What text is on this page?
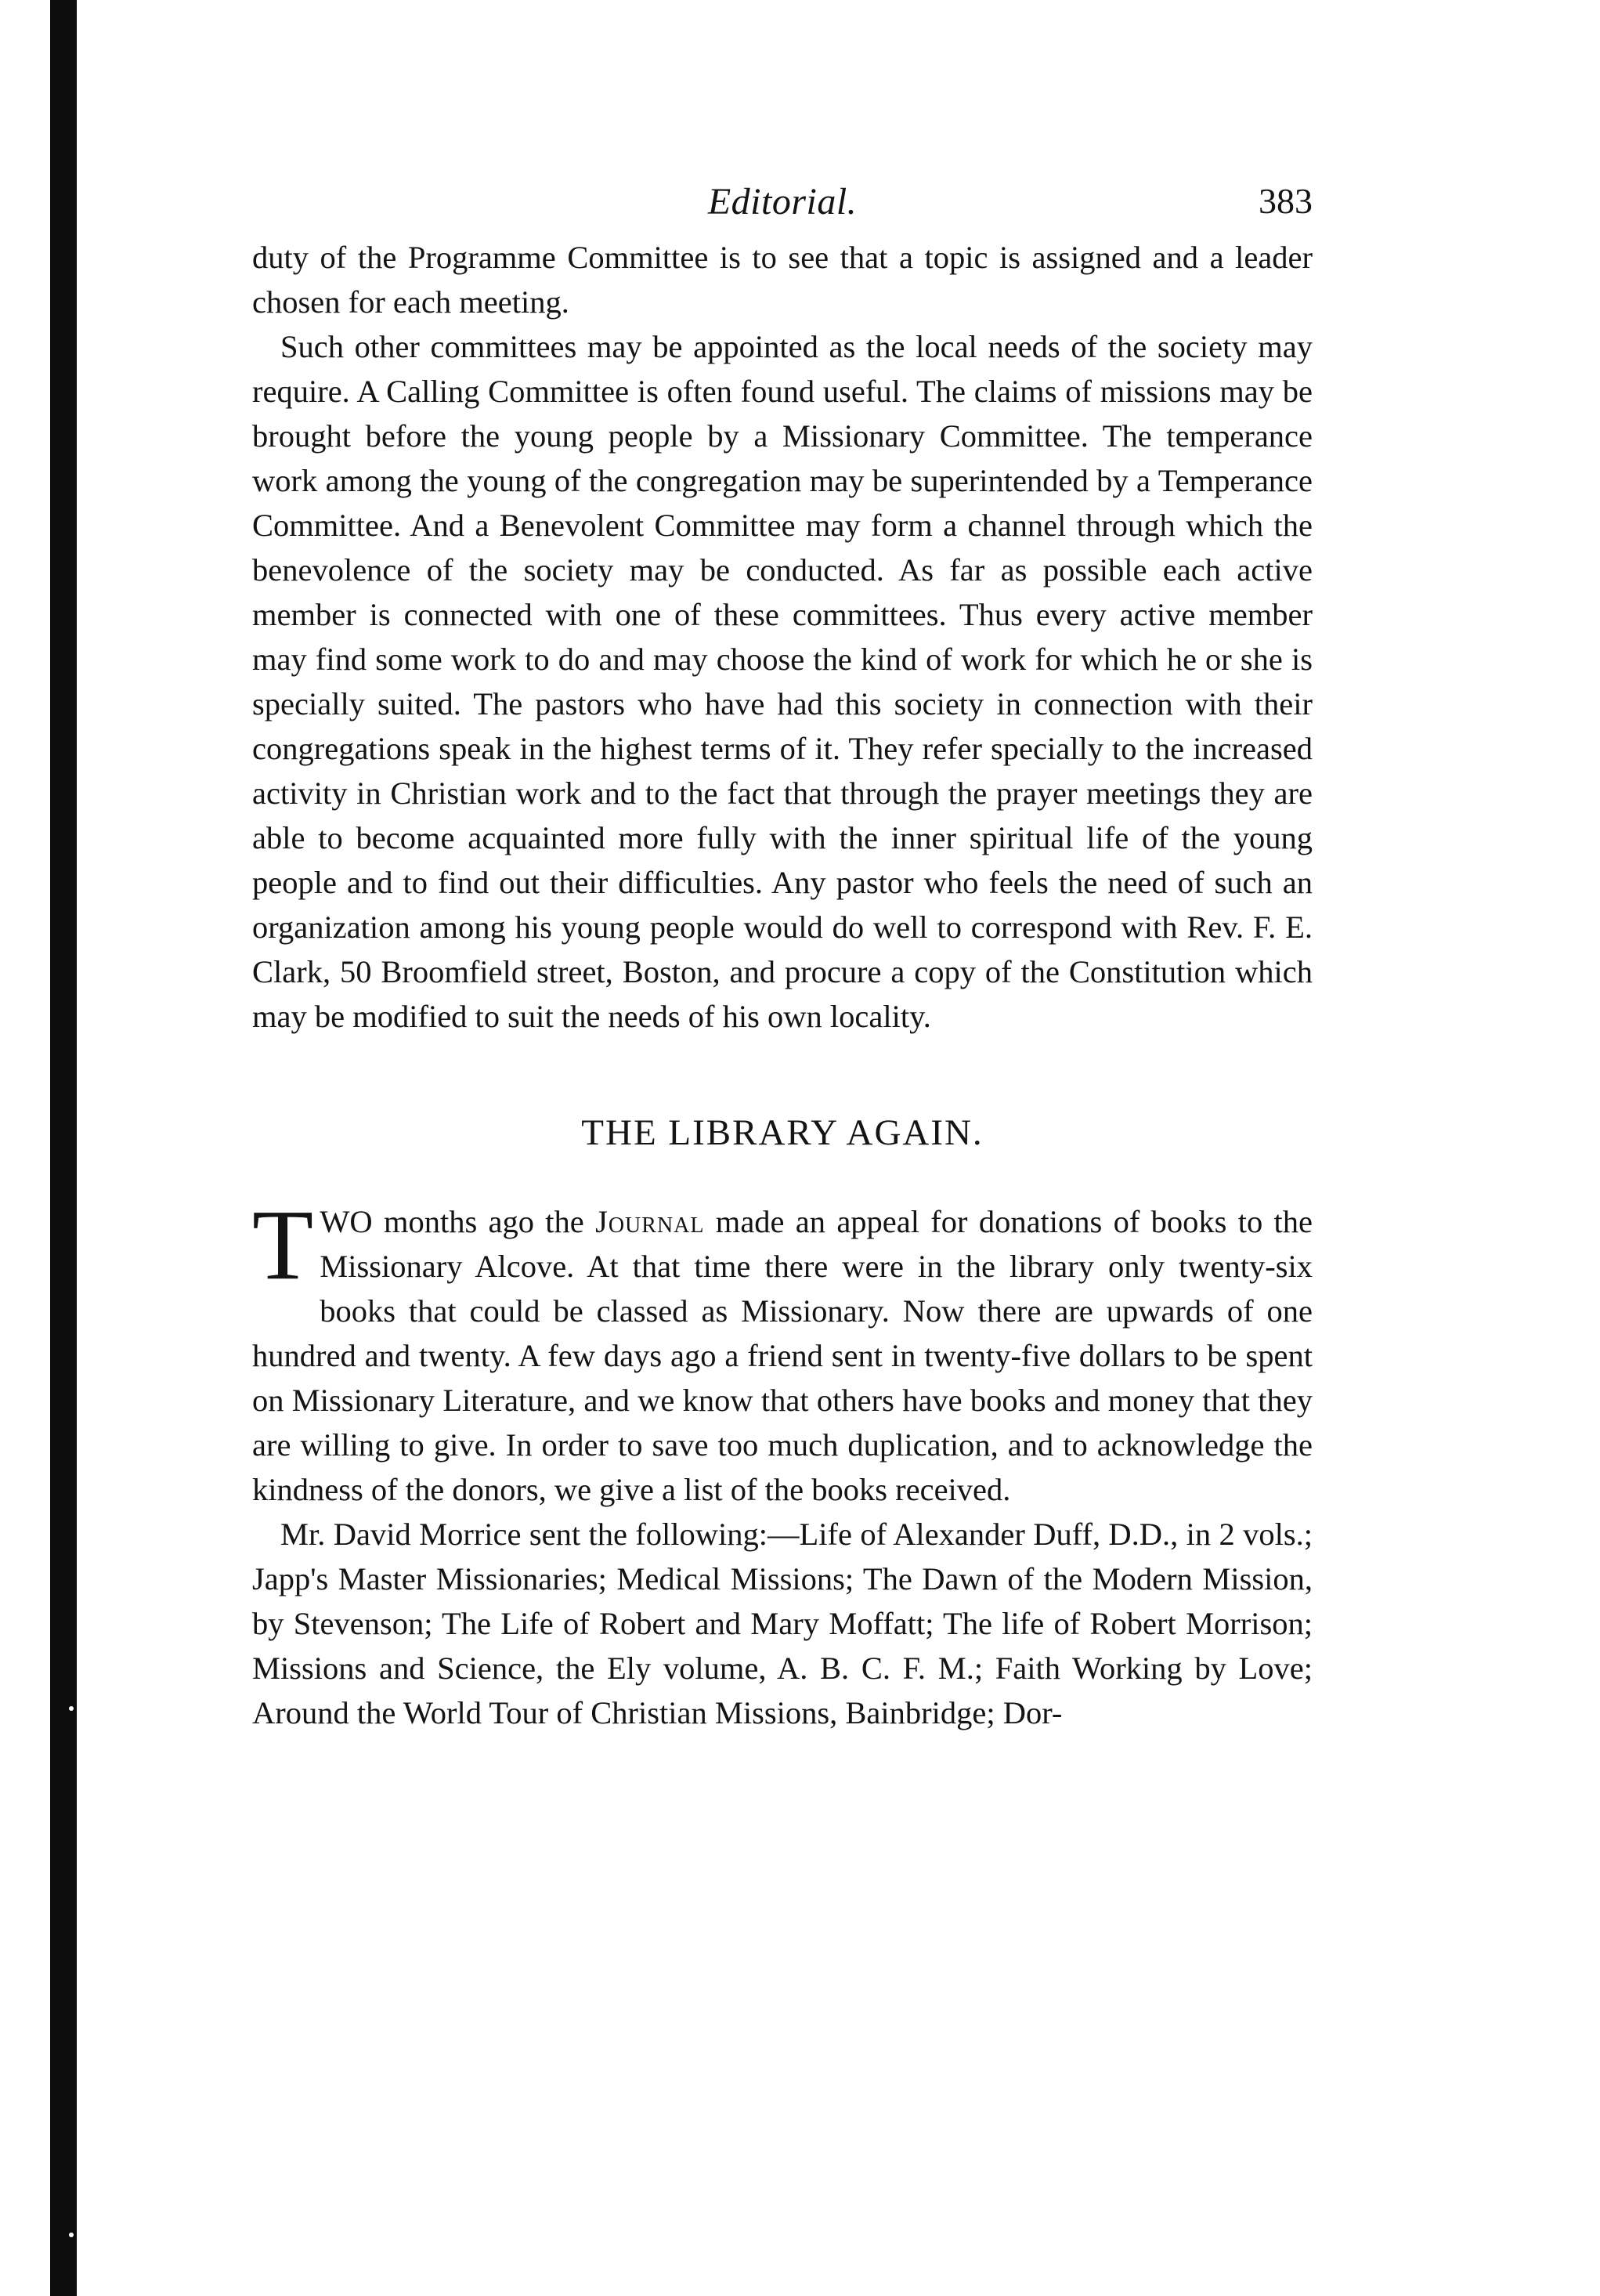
Editorial.	383

duty of the Programme Committee is to see that a topic is assigned and a leader chosen for each meeting.

Such other committees may be appointed as the local needs of the society may require. A Calling Committee is often found useful. The claims of missions may be brought before the young people by a Missionary Committee. The temperance work among the young of the congregation may be superintended by a Temperance Committee. And a Benevolent Committee may form a channel through which the benevolence of the society may be conducted. As far as possible each active member is connected with one of these committees. Thus every active member may find some work to do and may choose the kind of work for which he or she is specially suited. The pastors who have had this society in connection with their congregations speak in the highest terms of it. They refer specially to the increased activity in Christian work and to the fact that through the prayer meetings they are able to become acquainted more fully with the inner spiritual life of the young people and to find out their difficulties. Any pastor who feels the need of such an organization among his young people would do well to correspond with Rev. F. E. Clark, 50 Broomfield street, Boston, and procure a copy of the Constitution which may be modified to suit the needs of his own locality.

THE LIBRARY AGAIN.

TWO months ago the Journal made an appeal for donations of books to the Missionary Alcove. At that time there were in the library only twenty-six books that could be classed as Missionary. Now there are upwards of one hundred and twenty. A few days ago a friend sent in twenty-five dollars to be spent on Missionary Literature, and we know that others have books and money that they are willing to give. In order to save too much duplication, and to acknowledge the kindness of the donors, we give a list of the books received.

Mr. David Morrice sent the following:—Life of Alexander Duff, D.D., in 2 vols.; Japp's Master Missionaries; Medical Missions; The Dawn of the Modern Mission, by Stevenson; The Life of Robert and Mary Moffatt; The life of Robert Morrison; Missions and Science, the Ely volume, A. B. C. F. M.; Faith Working by Love; Around the World Tour of Christian Missions, Bainbridge; Dor-
